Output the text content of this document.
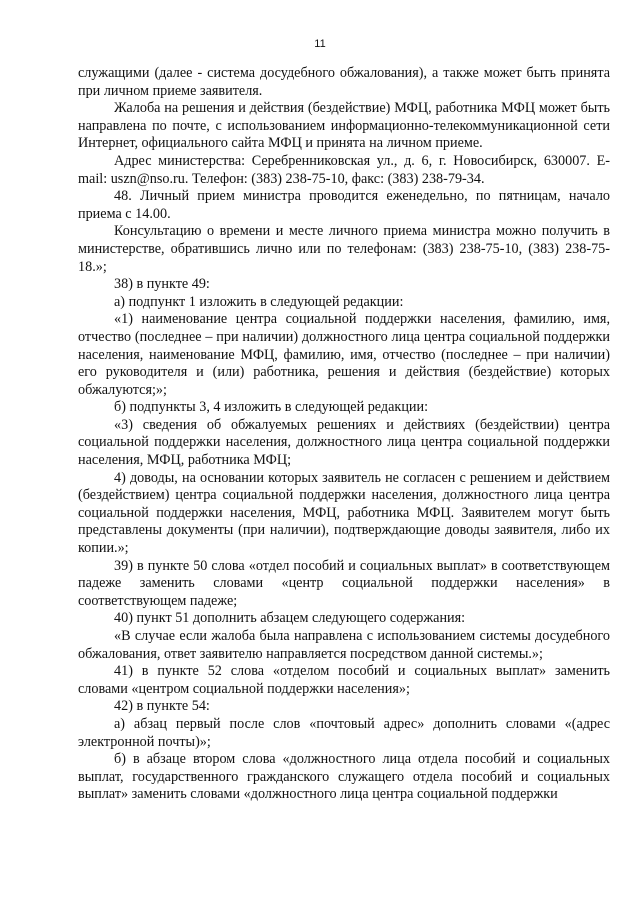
11

служащими (далее - система досудебного обжалования), а также может быть принята при личном приеме заявителя.

Жалоба на решения и действия (бездействие) МФЦ, работника МФЦ может быть направлена по почте, с использованием информационно-телекоммуникационной сети Интернет, официального сайта МФЦ и принята на личном приеме.

Адрес министерства: Серебренниковская ул., д. 6, г. Новосибирск, 630007. E-mail: uszn@nso.ru. Телефон: (383) 238-75-10, факс: (383) 238-79-34.

48. Личный прием министра проводится еженедельно, по пятницам, начало приема с 14.00.

Консультацию о времени и месте личного приема министра можно получить в министерстве, обратившись лично или по телефонам: (383) 238-75-10, (383) 238-75-18.»;

38) в пункте 49:

а) подпункт 1 изложить в следующей редакции:

«1) наименование центра социальной поддержки населения, фамилию, имя, отчество (последнее – при наличии) должностного лица центра социальной поддержки населения, наименование МФЦ, фамилию, имя, отчество (последнее – при наличии) его руководителя и (или) работника, решения и действия (бездействие) которых обжалуются;»;

б) подпункты 3, 4 изложить в следующей редакции:

«3) сведения об обжалуемых решениях и действиях (бездействии) центра социальной поддержки населения, должностного лица центра социальной поддержки населения, МФЦ, работника МФЦ;

4) доводы, на основании которых заявитель не согласен с решением и действием (бездействием) центра социальной поддержки населения, должностного лица центра социальной поддержки населения, МФЦ, работника МФЦ. Заявителем могут быть представлены документы (при наличии), подтверждающие доводы заявителя, либо их копии.»;

39) в пункте 50 слова «отдел пособий и социальных выплат» в соответствующем падеже заменить словами «центр социальной поддержки населения» в соответствующем падеже;

40) пункт 51 дополнить абзацем следующего содержания:

«В случае если жалоба была направлена с использованием системы досудебного обжалования, ответ заявителю направляется посредством данной системы.»;

41) в пункте 52 слова «отделом пособий и социальных выплат» заменить словами «центром социальной поддержки населения»;

42) в пункте 54:

а) абзац первый после слов «почтовый адрес» дополнить словами «(адрес электронной почты)»;

б) в абзаце втором слова «должностного лица отдела пособий и социальных выплат, государственного гражданского служащего отдела пособий и социальных выплат» заменить словами «должностного лица центра социальной поддержки
